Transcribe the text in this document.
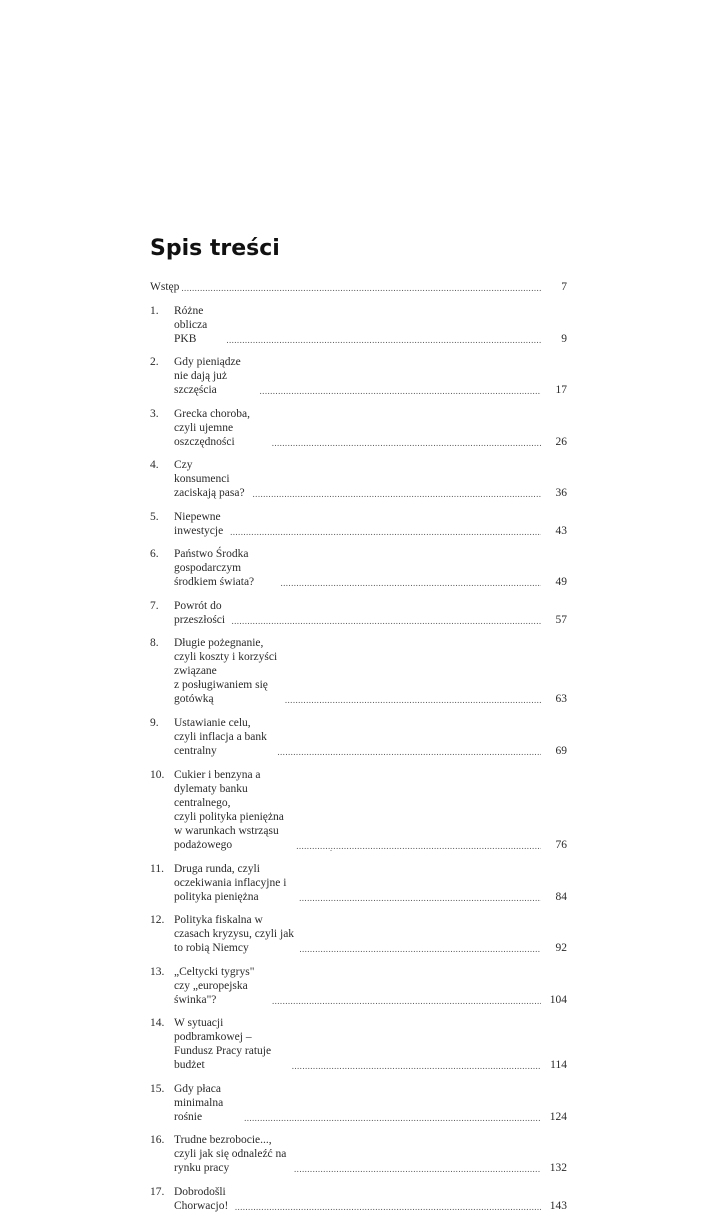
Spis treści
Wstęp .....	7
1.	Różne oblicza PKB .....	9
2.	Gdy pieniądze nie dają już szczęścia .....	17
3.	Grecka choroba, czyli ujemne oszczędności .....	26
4.	Czy konsumenci zaciskają pasa? .....	36
5.	Niepewne inwestycje .....	43
6.	Państwo Środka gospodarczym środkiem świata? .....	49
7.	Powrót do przeszłości .....	57
8.	Długie pożegnanie, czyli koszty i korzyści związane
z posługiwaniem się gotówką .....	63
9.	Ustawianie celu, czyli inflacja a bank centralny .....	69
10. Cukier i benzyna a dylematy banku centralnego,
czyli polityka pieniężna w warunkach wstrząsu podażowego .....	76
11. Druga runda, czyli oczekiwania inflacyjne i polityka pieniężna .....	84
12. Polityka fiskalna w czasach kryzysu, czyli jak to robią Niemcy .....	92
13. „Celtycki tygrys" czy „europejska świnka"? .....	104
14. W sytuacji podbramkowej – Fundusz Pracy ratuje budżet .....	114
15. Gdy płaca minimalna rośnie .....	124
16. Trudne bezrobocie..., czyli jak się odnaleźć na rynku pracy .....	132
17. Dobrodošli Chorwacjo! .....	143
